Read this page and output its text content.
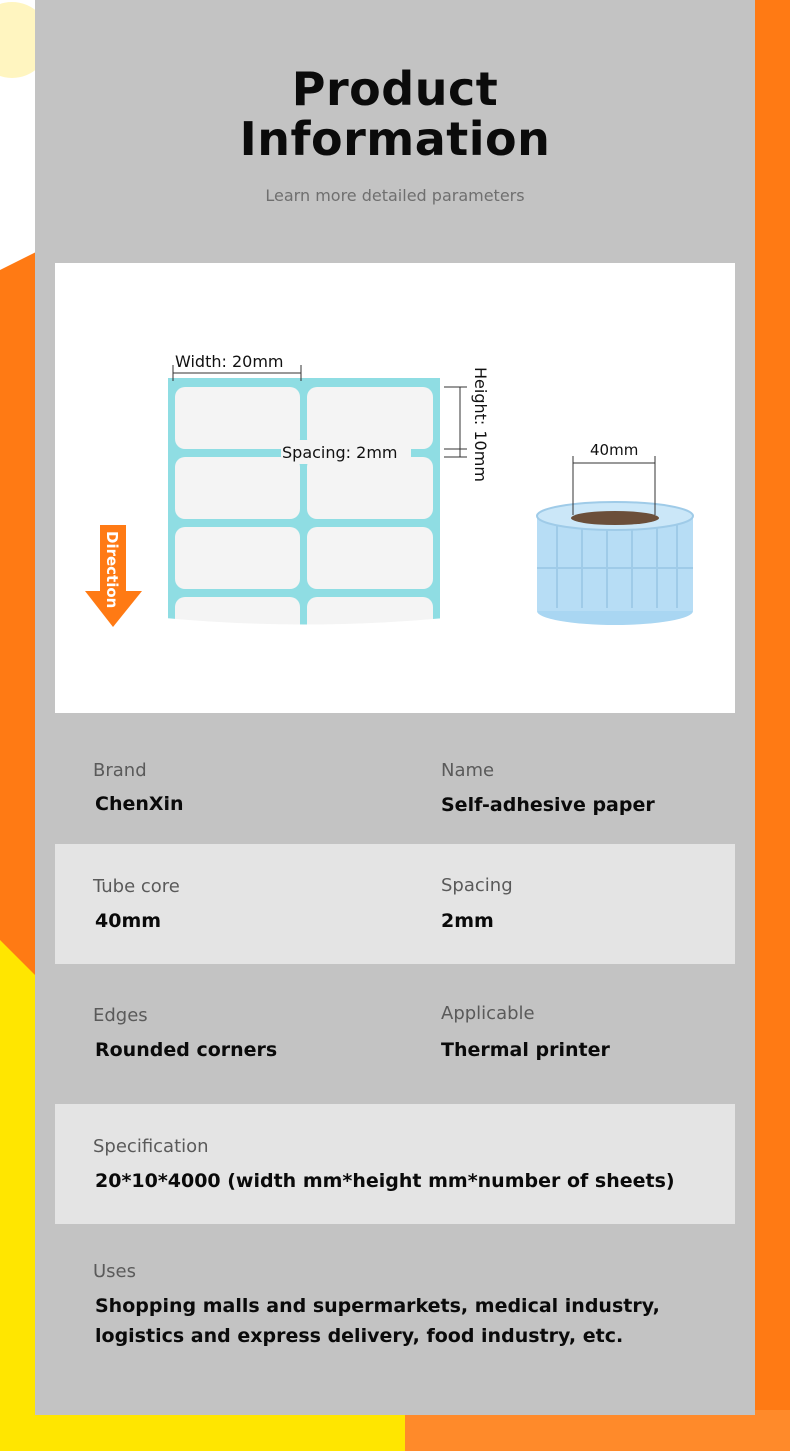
Product
Information
Learn more detailed parameters
Width: 20mm
Height: 10mm
Spacing: 2mm
Direction
40mm
Brand
ChenXin
Name
Self-adhesive paper
Tube core
40mm
Spacing
2mm
Edges
Rounded corners
Applicable
Thermal printer
Specification
20*10*4000 (width mm*height mm*number of sheets)
Uses
Shopping malls and supermarkets, medical industry,
logistics and express delivery, food industry, etc.
